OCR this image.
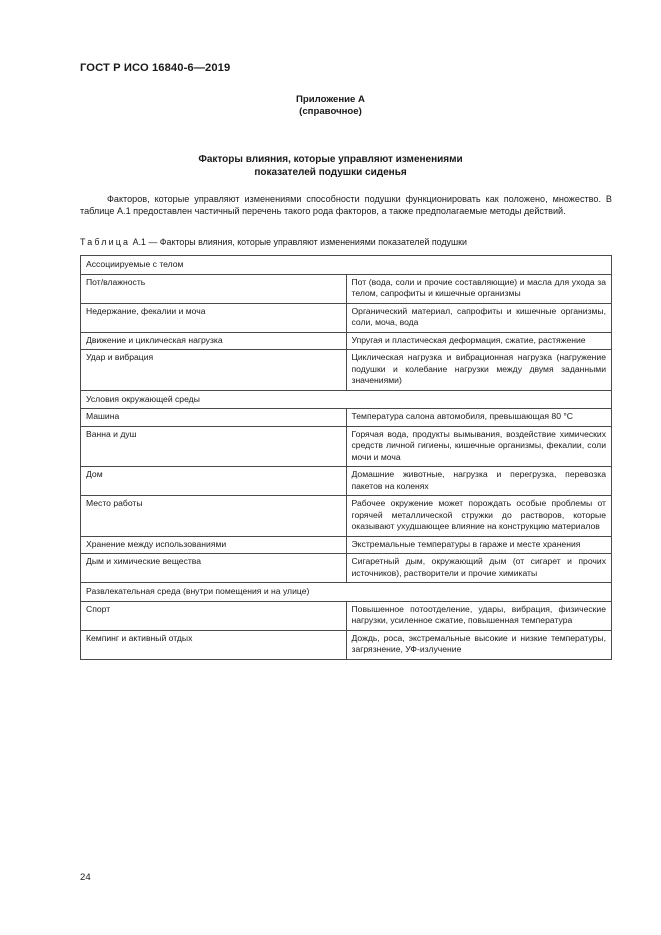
ГОСТ Р ИСО 16840-6—2019
Приложение А
(справочное)
Факторы влияния, которые управляют изменениями
показателей подушки сиденья

Факторов, которые управляют изменениями способности подушки функционировать как положено, множество. В таблице А.1 предоставлен частичный перечень такого рода факторов, а также предполагаемые методы действий.

Таблица А.1 — Факторы влияния, которые управляют изменениями показателей подушки
Ассоциируемые с телом	
Пот/влажность	Пот (вода, соли и прочие составляющие) и масла для ухода за телом, сапрофиты и кишечные организмы
Недержание, фекалии и моча	Органический материал, сапрофиты и кишечные организмы, соли, моча, вода
Движение и циклическая нагрузка	Упругая и пластическая деформация, сжатие, растяжение
Удар и вибрация	Циклическая нагрузка и вибрационная нагрузка (нагружение подушки и колебание нагрузки между двумя заданными значениями)
Условия окружающей среды	
Машина	Температура салона автомобиля, превышающая 80 °С
Ванна и душ	Горячая вода, продукты вымывания, воздействие химических средств личной гигиены, кишечные организмы, фекалии, соли мочи и моча
Дом	Домашние животные, нагрузка и перегрузка, перевозка пакетов на коленях
Место работы	Рабочее окружение может порождать особые проблемы от горячей металлической стружки до растворов, которые оказывают ухудшающее влияние на конструкцию материалов
Хранение между использованиями	Экстремальные температуры в гараже и месте хранения
Дым и химические вещества	Сигаретный дым, окружающий дым (от сигарет и прочих источников), растворители и прочие химикаты
Развлекательная среда (внутри помещения и на улице)	
Спорт	Повышенное потоотделение, удары, вибрация, физические нагрузки, усиленное сжатие, повышенная температура
Кемпинг и активный отдых	Дождь, роса, экстремальные высокие и низкие температуры, загрязнение, УФ-излучение
24
